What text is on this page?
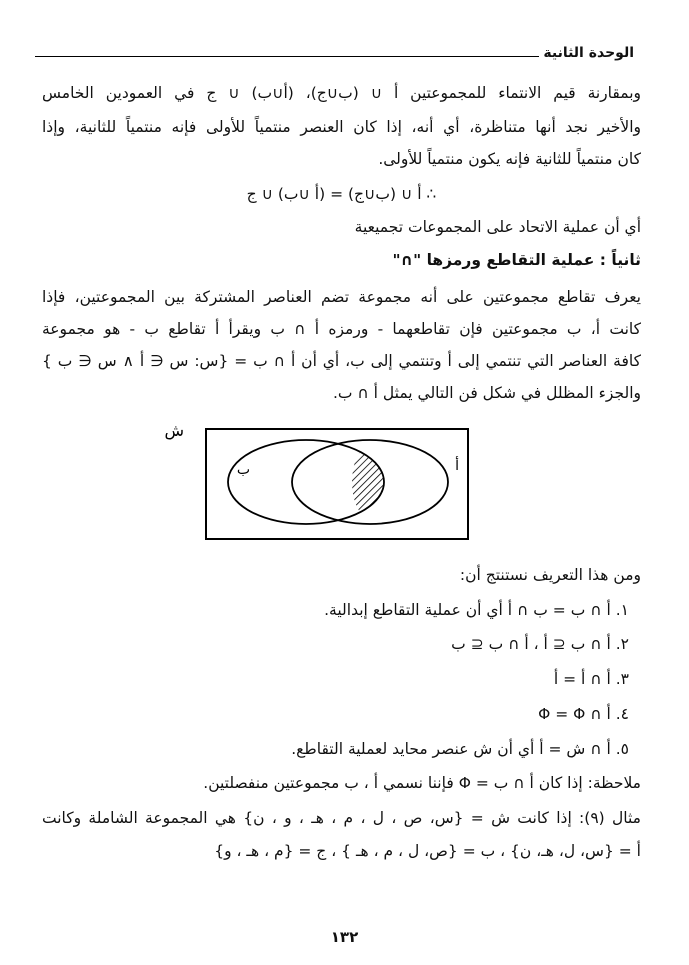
الوحدة الثانية
وبمقارنة قيم الانتماء للمجموعتين أ ∪ (ب∪ج)، (أ∪ب) ∪ ج في العمودين الخامس
والأخير نجد أنها متناظرة، أي أنه، إذا كان العنصر منتمياً للأولى فإنه منتمياً للثانية، وإذا
كان منتمياً للثانية فإنه يكون منتمياً للأولى.
∴ أ ∪ (ب∪ج) = (أ ∪ب) ∪ ج
أي أن عملية الاتحاد على المجموعات تجميعية
ثانياً : عملية التقاطع ورمزها "∩"
يعرف تقاطع مجموعتين على أنه مجموعة تضم العناصر المشتركة بين المجموعتين، فإذا
كانت أ، ب مجموعتين فإن تقاطعهما - ورمزه أ ∩ ب ويقرأ أ تقاطع ب - هو مجموعة
كافة العناصر التي تنتمي إلى أ وتنتمي إلى ب، أي أن أ ∩ ب = {س: س ∈ أ ∧ س ∈ ب }
والجزء المظلل في شكل فن التالي يمثل أ ∩ ب.
ومن هذا التعريف نستنتج أن:
١. أ ∩ ب = ب ∩ أ أي أن عملية التقاطع إبدالية.
٢. أ ∩ ب ⊆ أ ، أ ∩ ب ⊆ ب
٣. أ ∩ أ = أ
٤. أ ∩ Φ = Φ
٥. أ ∩ ش = أ أي أن ش عنصر محايد لعملية التقاطع.
ملاحظة: إذا كان أ ∩ ب = Φ فإننا نسمي أ ، ب مجموعتين منفصلتين.
مثال (٩): إذا كانت ش = {س، ص ، ل ، م ، هـ ، و ، ن} هي المجموعة الشاملة وكانت
أ = {س، ل، هـ، ن} ، ب = {ص، ل ، م ، هـ } ، ج = {م ، هـ ، و}
ش
أ
ب
١٣٢
